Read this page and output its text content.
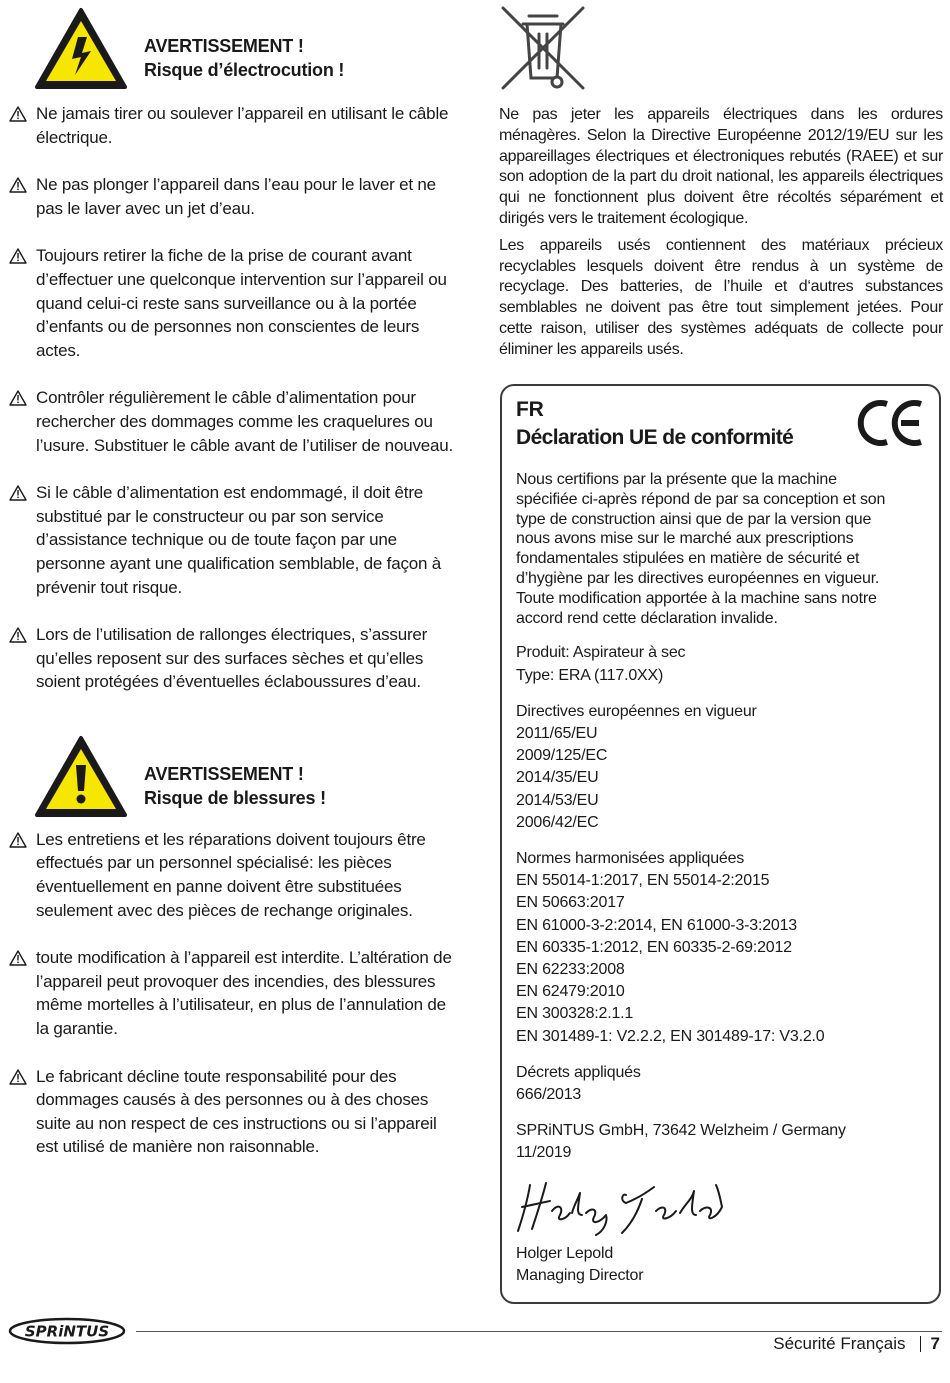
AVERTISSEMENT !
Risque d’électrocution !
Ne jamais tirer ou soulever l’appareil en utilisant le câble électrique.
Ne pas plonger l’appareil dans l’eau pour le laver et ne pas le laver avec un jet d’eau.
Toujours retirer la fiche de la prise de courant avant d’effectuer une quelconque intervention sur l’appareil ou quand celui-ci reste sans surveillance ou à la portée d’enfants ou de personnes non conscientes de leurs actes.
Contrôler régulièrement le câble d’alimentation pour rechercher des dommages comme les craquelures ou l’usure. Substituer le câble avant de l’utiliser de nouveau.
Si le câble d’alimentation est endommagé, il doit être substitué par le constructeur ou par son service d’assistance technique ou de toute façon par une personne ayant une qualification semblable, de façon à prévenir tout risque.
Lors de l’utilisation de rallonges électriques, s’assurer qu’elles reposent sur des surfaces sèches et qu’elles soient protégées d’éventuelles éclaboussures d’eau.
AVERTISSEMENT !
Risque de blessures !
Les entretiens et les réparations doivent toujours être effectués par un personnel spécialisé: les pièces éventuellement en panne doivent être substituées seulement avec des pièces de rechange originales.
toute modification à l’appareil est interdite. L’altération de l’appareil peut provoquer des incendies, des blessures même mortelles à l’utilisateur, en plus de l’annulation de la garantie.
Le fabricant décline toute responsabilité pour des dommages causés à des personnes ou à des choses suite au non respect de ces instructions ou si l’appareil est utilisé de manière non raisonnable.

Ne pas jeter les appareils électriques dans les ordures ménagères. Selon la Directive Européenne 2012/19/EU sur les appareillages électriques et électroniques rebutés (RAEE) et sur son adoption de la part du droit national, les appareils électriques qui ne fonctionnent plus doivent être récoltés séparément et dirigés vers le traitement écologique.

Les appareils usés contiennent des matériaux précieux recyclables lesquels doivent être rendus à un système de recyclage. Des batteries, de l’huile et d‘autres substances semblables ne doivent pas être tout simplement jetées. Pour cette raison, utiliser des systèmes adéquats de collecte pour éliminer les appareils usés.

FR
Déclaration UE de conformité
Nous certifions par la présente que la machine
spécifiée ci-après répond de par sa conception et son
type de construction ainsi que de par la version que
nous avons mise sur le marché aux prescriptions
fondamentales stipulées en matière de sécurité et
d’hygiène par les directives européennes en vigueur.
Toute modification apportée à la machine sans notre
accord rend cette déclaration invalide.
Produit: Aspirateur à sec
Type: ERA (117.0XX)
Directives européennes en vigueur
2011/65/EU
2009/125/EC
2014/35/EU
2014/53/EU
2006/42/EC
Normes harmonisées appliquées
EN 55014-1:2017, EN 55014-2:2015
EN 50663:2017
EN 61000-3-2:2014, EN 61000-3-3:2013
EN 60335-1:2012, EN 60335-2-69:2012
EN 62233:2008
EN 62479:2010
EN 300328:2.1.1
EN 301489-1: V2.2.2, EN 301489-17: V3.2.0
Décrets appliqués
666/2013
SPRiNTUS GmbH, 73642 Welzheim / Germany
11/2019
Holger Lepold
Managing Director
SPRiNTUS
Sécurité Français 7
